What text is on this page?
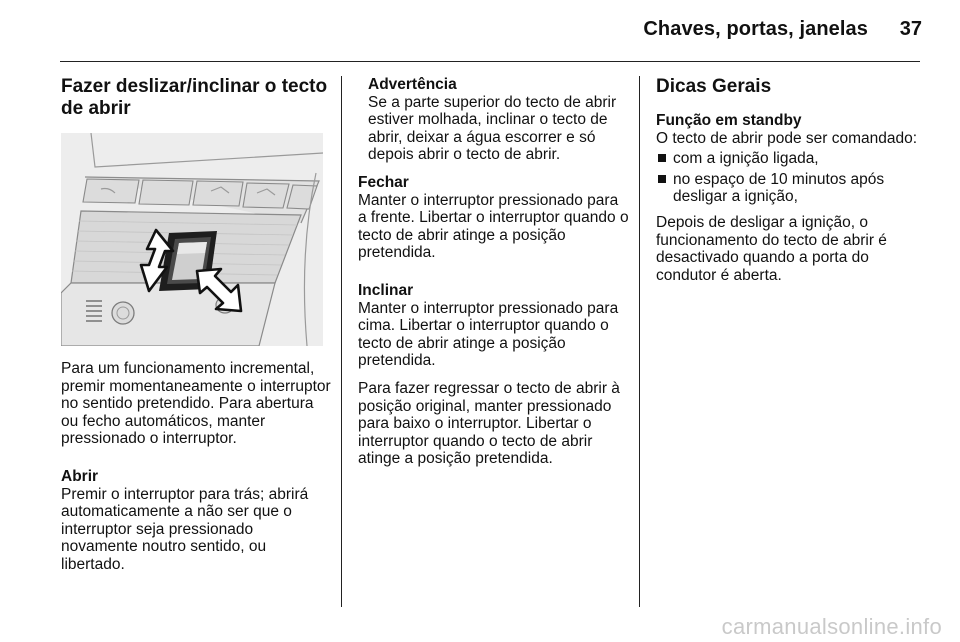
Chaves, portas, janelas 37
Fazer deslizar/inclinar o tecto de abrir

Para um funcionamento incremental, premir momentaneamente o interruptor no sentido pretendido. Para abertura ou fecho automáticos, manter pressionado o interruptor.

Abrir

Premir o interruptor para trás; abrirá automaticamente a não ser que o interruptor seja pressionado novamente noutro sentido, ou libertado.

Advertência

Se a parte superior do tecto de abrir estiver molhada, inclinar o tecto de abrir, deixar a água escorrer e só depois abrir o tecto de abrir.

Fechar

Manter o interruptor pressionado para a frente. Libertar o interruptor quando o tecto de abrir atinge a posição pretendida.

Inclinar

Manter o interruptor pressionado para cima. Libertar o interruptor quando o tecto de abrir atinge a posição pretendida.

Para fazer regressar o tecto de abrir à posição original, manter pressionado para baixo o interruptor. Libertar o interruptor quando o tecto de abrir atinge a posição pretendida.

Dicas Gerais
Função em standby

O tecto de abrir pode ser comandado:

com a ignição ligada,
no espaço de 10 minutos após desligar a ignição,

Depois de desligar a ignição, o funcionamento do tecto de abrir é desactivado quando a porta do condutor é aberta.

carmanualsonline.info
